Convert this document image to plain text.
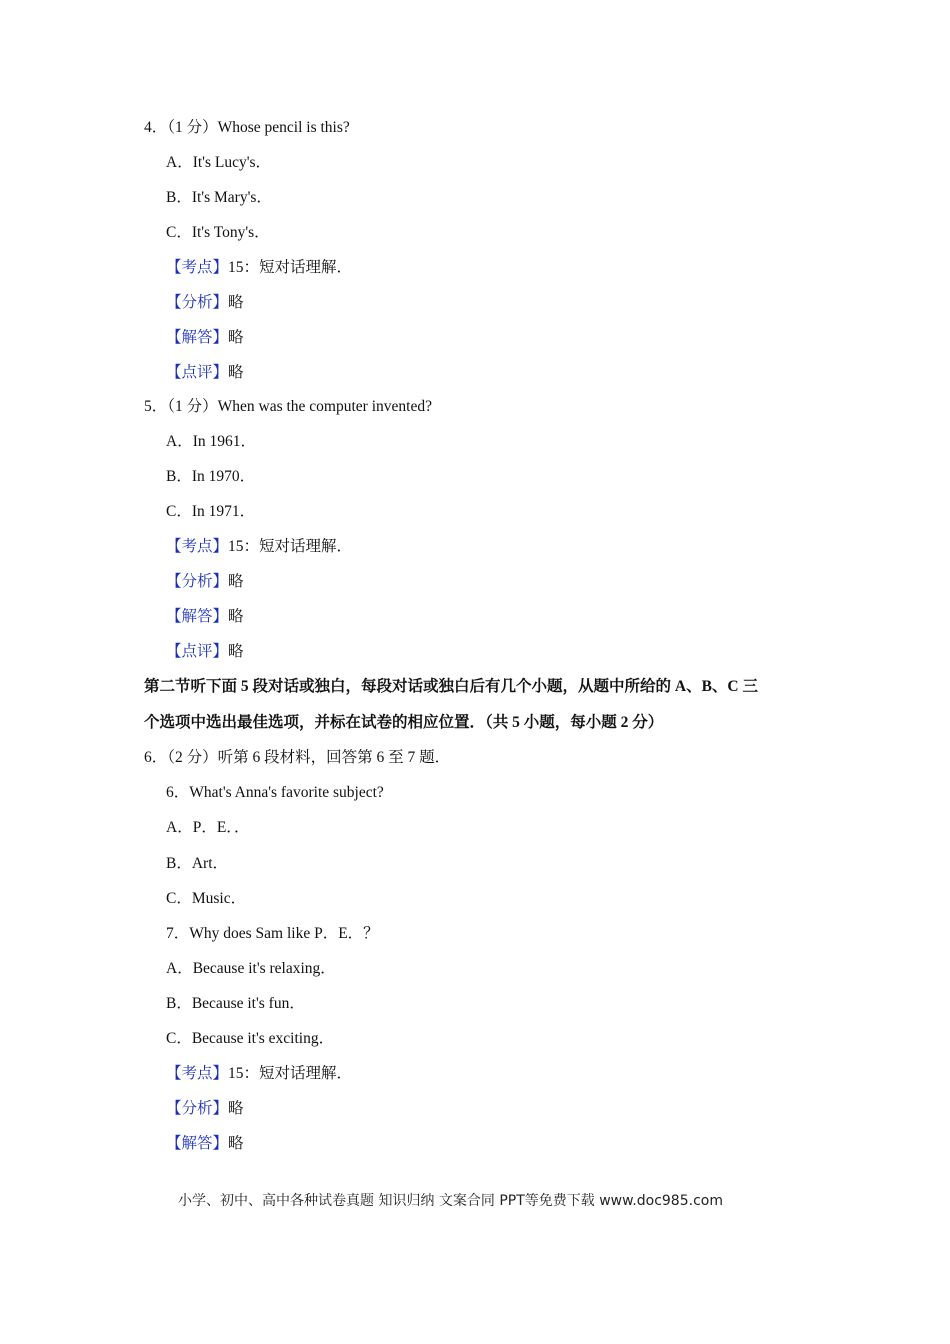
4．（1 分）Whose pencil is this?
A．It's Lucy's．
B．It's Mary's．
C．It's Tony's．
【考点】15：短对话理解．
【分析】略
【解答】略
【点评】略
5．（1 分）When was the computer invented?
A．In 1961．
B．In 1970．
C．In 1971．
【考点】15：短对话理解．
【分析】略
【解答】略
【点评】略
第二节听下面 5 段对话或独白，每段对话或独白后有几个小题，从题中所给的 A、B、C 三
个选项中选出最佳选项，并标在试卷的相应位置．（共 5 小题，每小题 2 分）
6．（2 分）听第 6 段材料，回答第 6 至 7 题．
6．What's Anna's favorite subject?
A．P．E．．
B．Art．
C．Music．
7．Why does Sam like P．E．？
A．Because it's relaxing．
B．Because it's fun．
C．Because it's exciting．
【考点】15：短对话理解．
【分析】略
【解答】略
小学、初中、高中各种试卷真题 知识归纳 文案合同 PPT等免费下载 www.doc985.com
